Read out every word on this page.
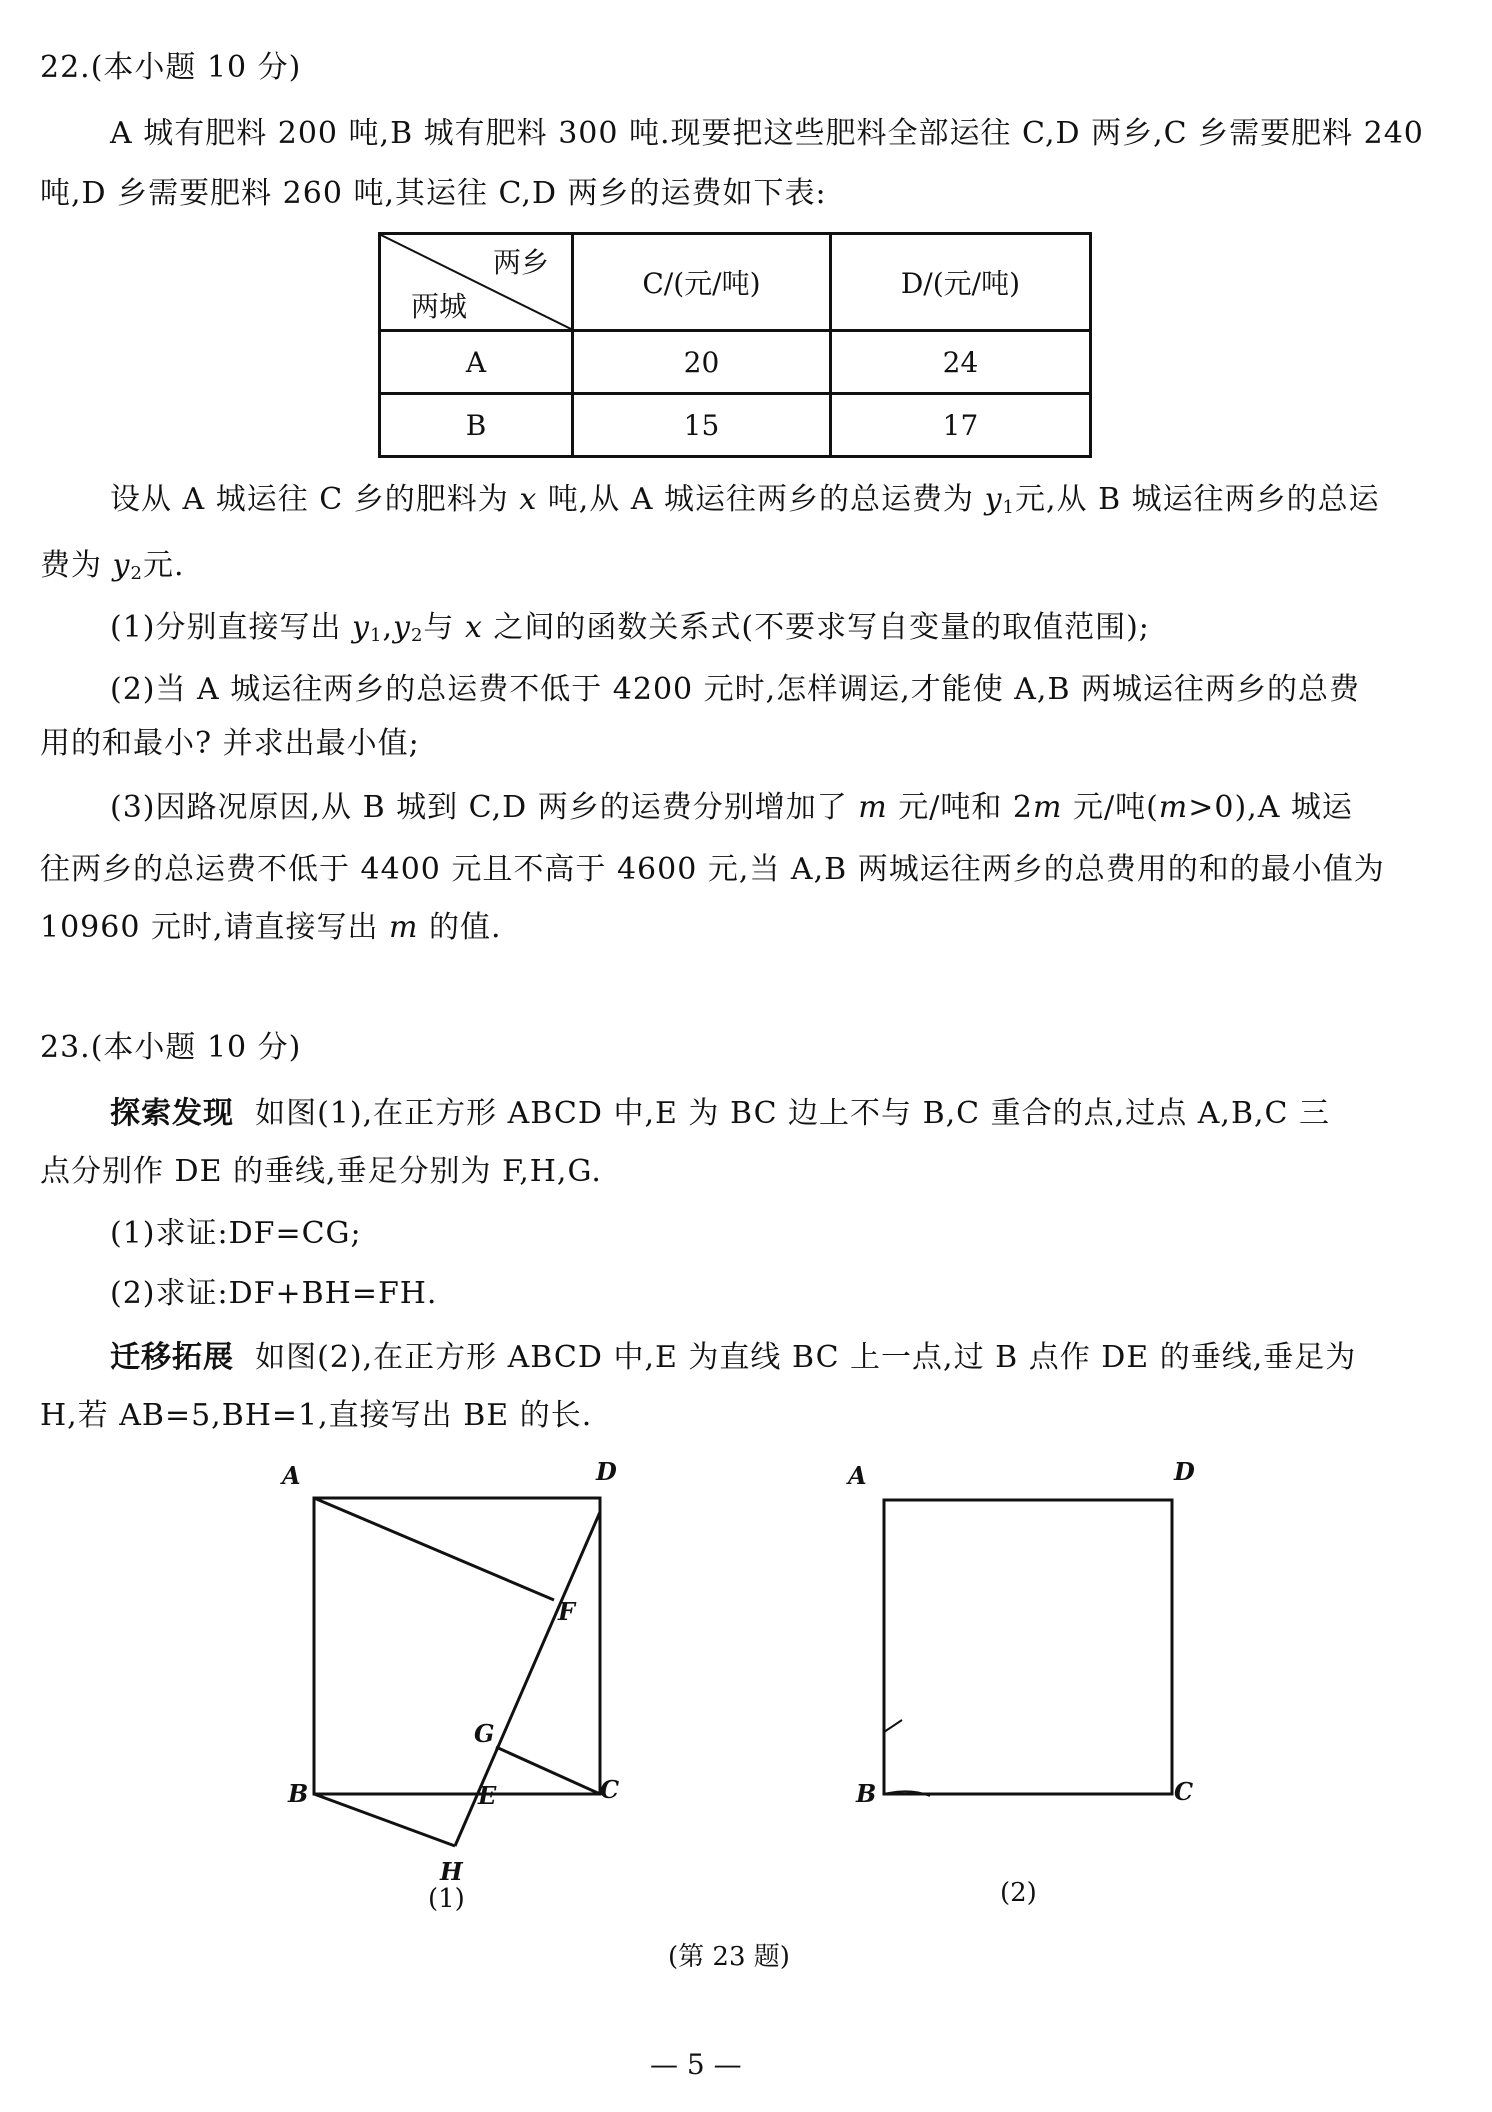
22.(本小题 10 分)
A 城有肥料 200 吨,B 城有肥料 300 吨.现要把这些肥料全部运往 C,D 两乡,C 乡需要肥料 240
吨,D 乡需要肥料 260 吨,其运往 C,D 两乡的运费如下表:
两乡
两城	C/(元/吨)	D/(元/吨)
A	20	24
B	15	17
设从 A 城运往 C 乡的肥料为 x 吨,从 A 城运往两乡的总运费为 $y_1$元,从 B 城运往两乡的总运
费为 $y_2$元.
(1)分别直接写出 $y_1,y_2$与 x 之间的函数关系式(不要求写自变量的取值范围);
(2)当 A 城运往两乡的总运费不低于 4200 元时,怎样调运,才能使 A,B 两城运往两乡的总费
用的和最小? 并求出最小值;
(3)因路况原因,从 B 城到 C,D 两乡的运费分别增加了 m 元/吨和 2m 元/吨(m>0),A 城运
往两乡的总运费不低于 4400 元且不高于 4600 元,当 A,B 两城运往两乡的总费用的和的最小值为
10960 元时,请直接写出 m 的值.
23.(本小题 10 分)
探索发现 如图(1),在正方形 ABCD 中,E 为 BC 边上不与 B,C 重合的点,过点 A,B,C 三
点分别作 DE 的垂线,垂足分别为 F,H,G.
(1)求证:DF=CG;
(2)求证:DF+BH=FH.
迁移拓展 如图(2),在正方形 ABCD 中,E 为直线 BC 上一点,过 B 点作 DE 的垂线,垂足为
H,若 AB=5,BH=1,直接写出 BE 的长.
A	D
F
G
B	E	C
H
(1)
A	D
B	C
(2)
(第 23 题)
— 5 —
